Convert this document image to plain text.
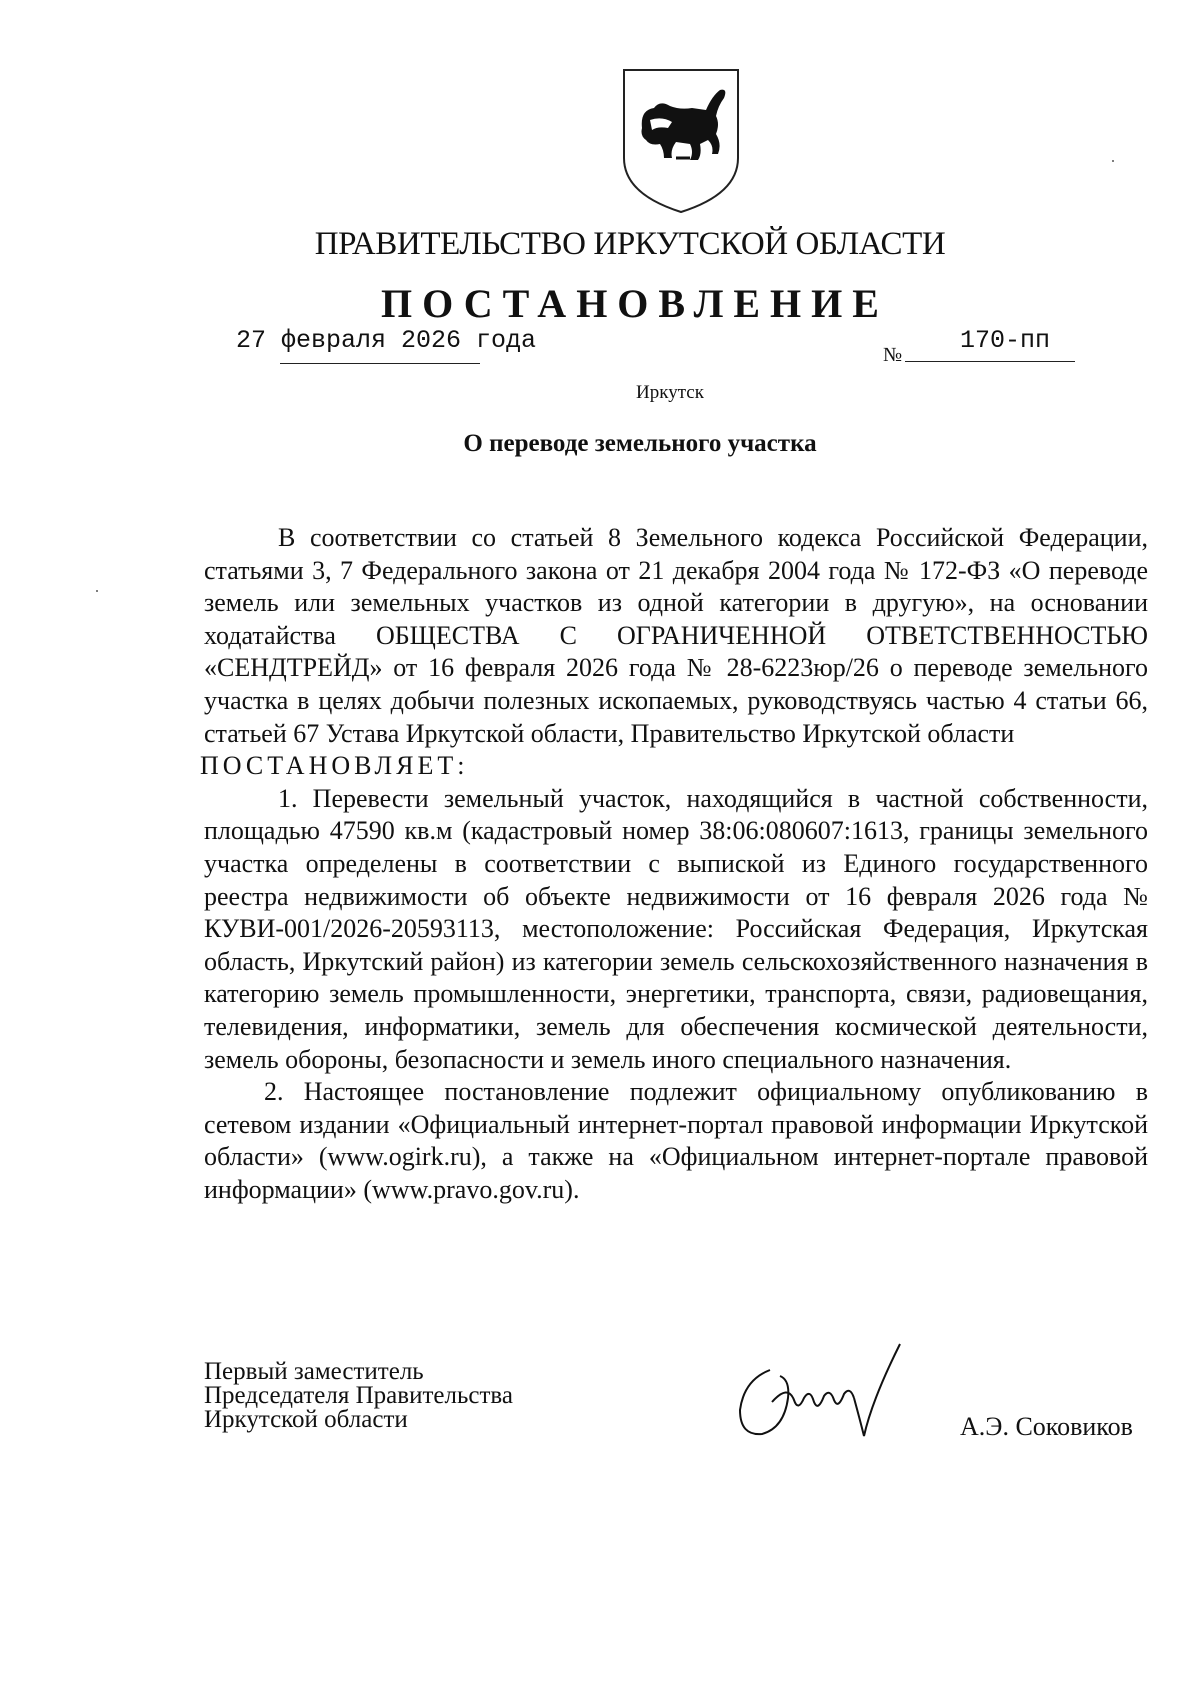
ПРАВИТЕЛЬСТВО ИРКУТСКОЙ ОБЛАСТИ
ПОСТАНОВЛЕНИЕ
27 февраля 2026 года	№ 170-пп
Иркутск
О переводе земельного участка

В соответствии со статьей 8 Земельного кодекса Российской Федерации, статьями 3, 7 Федерального закона от 21 декабря 2004 года № 172-ФЗ «О переводе земель или земельных участков из одной категории в другую», на основании ходатайства ОБЩЕСТВА С ОГРАНИЧЕННОЙ ОТВЕТСТВЕННОСТЬЮ «СЕНДТРЕЙД» от 16 февраля 2026 года № 28-6223юр/26 о переводе земельного участка в целях добычи полезных ископаемых, руководствуясь частью 4 статьи 66, статьей 67 Устава Иркутской области, Правительство Иркутской области

ПОСТАНОВЛЯЕТ:

1. Перевести земельный участок, находящийся в частной собственности, площадью 47590 кв.м (кадастровый номер 38:06:080607:1613, границы земельного участка определены в соответствии с выпиской из Единого государственного реестра недвижимости об объекте недвижимости от 16 февраля 2026 года № КУВИ-001/2026-20593113, местоположение: Российская Федерация, Иркутская область, Иркутский район) из категории земель сельскохозяйственного назначения в категорию земель промышленности, энергетики, транспорта, связи, радиовещания, телевидения, информатики, земель для обеспечения космической деятельности, земель обороны, безопасности и земель иного специального назначения.

2. Настоящее постановление подлежит официальному опубликованию в сетевом издании «Официальный интернет-портал правовой информации Иркутской области» (www.ogirk.ru), а также на «Официальном интернет-портале правовой информации» (www.pravo.gov.ru).

Первый заместитель
Председателя Правительства
Иркутской области	А.Э. Соковиков
